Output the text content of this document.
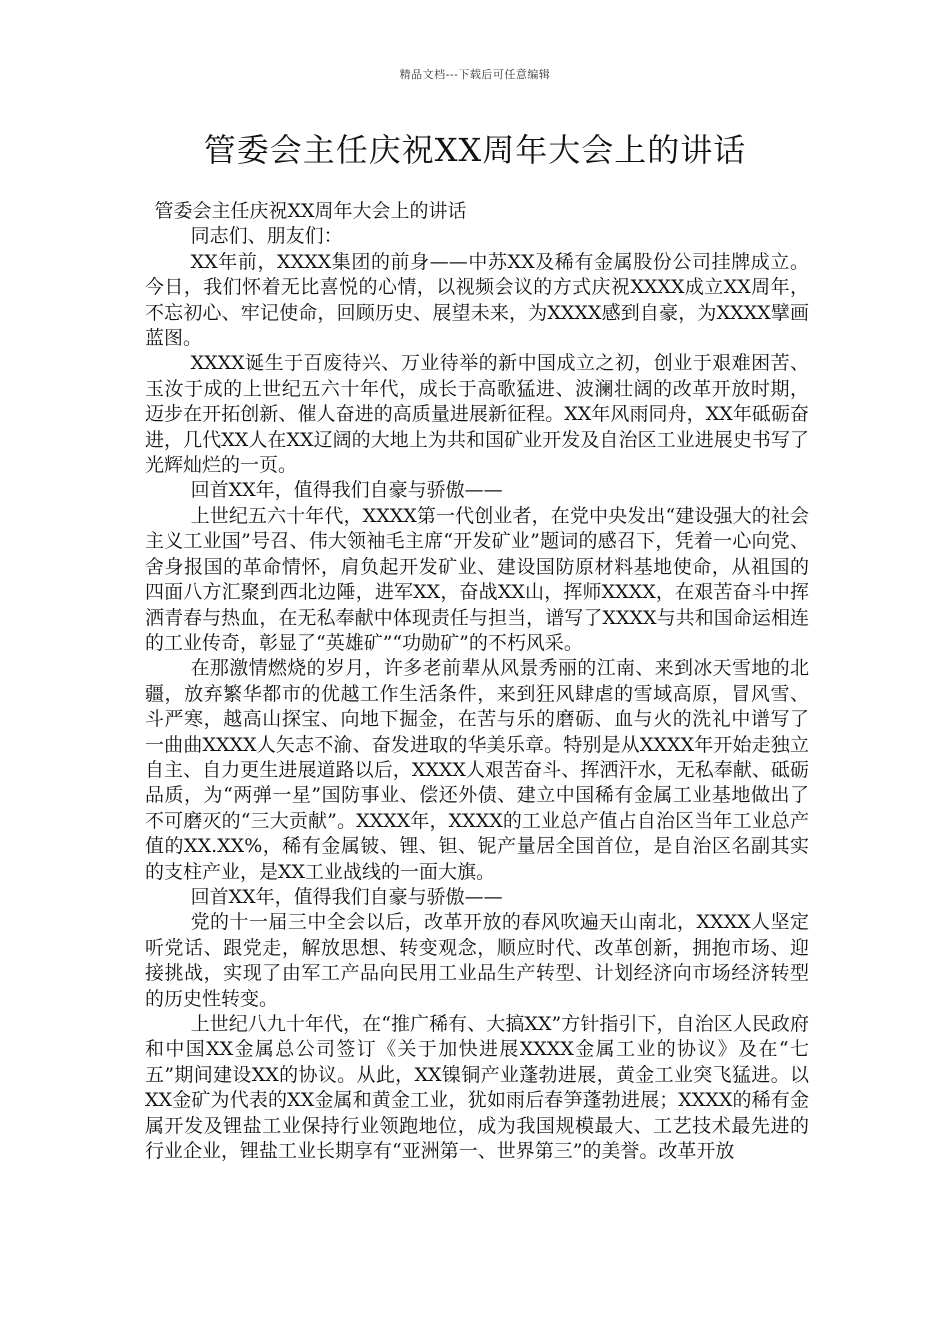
精品文档---下载后可任意编辑
管委会主任庆祝XX周年大会上的讲话

管委会主任庆祝XX周年大会上的讲话

同志们、朋友们：

XX年前，XXXX集团的前身——中苏XX及稀有金属股份公司挂牌成立。今日，我们怀着无比喜悦的心情，以视频会议的方式庆祝XXXX成立XX周年，不忘初心、牢记使命，回顾历史、展望未来，为XXXX感到自豪，为XXXX擘画蓝图。

XXXX诞生于百废待兴、万业待举的新中国成立之初，创业于艰难困苦、玉汝于成的上世纪五六十年代，成长于高歌猛进、波澜壮阔的改革开放时期，迈步在开拓创新、催人奋进的高质量进展新征程。XX年风雨同舟，XX年砥砺奋进，几代XX人在XX辽阔的大地上为共和国矿业开发及自治区工业进展史书写了光辉灿烂的一页。

回首XX年，值得我们自豪与骄傲——

上世纪五六十年代，XXXX第一代创业者，在党中央发出“建设强大的社会主义工业国”号召、伟大领袖毛主席“开发矿业”题词的感召下，凭着一心向党、舍身报国的革命情怀，肩负起开发矿业、建设国防原材料基地使命，从祖国的四面八方汇聚到西北边陲，进军XX，奋战XX山，挥师XXXX，在艰苦奋斗中挥洒青春与热血，在无私奉献中体现责任与担当，谱写了XXXX与共和国命运相连的工业传奇，彰显了“英雄矿”“功勋矿”的不朽风采。

在那激情燃烧的岁月，许多老前辈从风景秀丽的江南、来到冰天雪地的北疆，放弃繁华都市的优越工作生活条件，来到狂风肆虐的雪域高原，冒风雪、斗严寒，越高山探宝、向地下掘金，在苦与乐的磨砺、血与火的洗礼中谱写了一曲曲XXXX人矢志不渝、奋发进取的华美乐章。特别是从XXXX年开始走独立自主、自力更生进展道路以后，XXXX人艰苦奋斗、挥洒汗水，无私奉献、砥砺品质，为“两弹一星”国防事业、偿还外债、建立中国稀有金属工业基地做出了不可磨灭的“三大贡献”。XXXX年，XXXX的工业总产值占自治区当年工业总产值的XX.XX%，稀有金属铍、锂、钽、铌产量居全国首位，是自治区名副其实的支柱产业，是XX工业战线的一面大旗。

回首XX年，值得我们自豪与骄傲——

党的十一届三中全会以后，改革开放的春风吹遍天山南北，XXXX人坚定听党话、跟党走，解放思想、转变观念，顺应时代、改革创新，拥抱市场、迎接挑战，实现了由军工产品向民用工业品生产转型、计划经济向市场经济转型的历史性转变。

上世纪八九十年代，在“推广稀有、大搞XX”方针指引下，自治区人民政府和中国XX金属总公司签订《关于加快进展XXXX金属工业的协议》及在“七五”期间建设XX的协议。从此，XX镍铜产业蓬勃进展，黄金工业突飞猛进。以XX金矿为代表的XX金属和黄金工业，犹如雨后春笋蓬勃进展；XXXX的稀有金属开发及锂盐工业保持行业领跑地位，成为我国规模最大、工艺技术最先进的行业企业，锂盐工业长期享有“亚洲第一、世界第三”的美誉。改革开放
